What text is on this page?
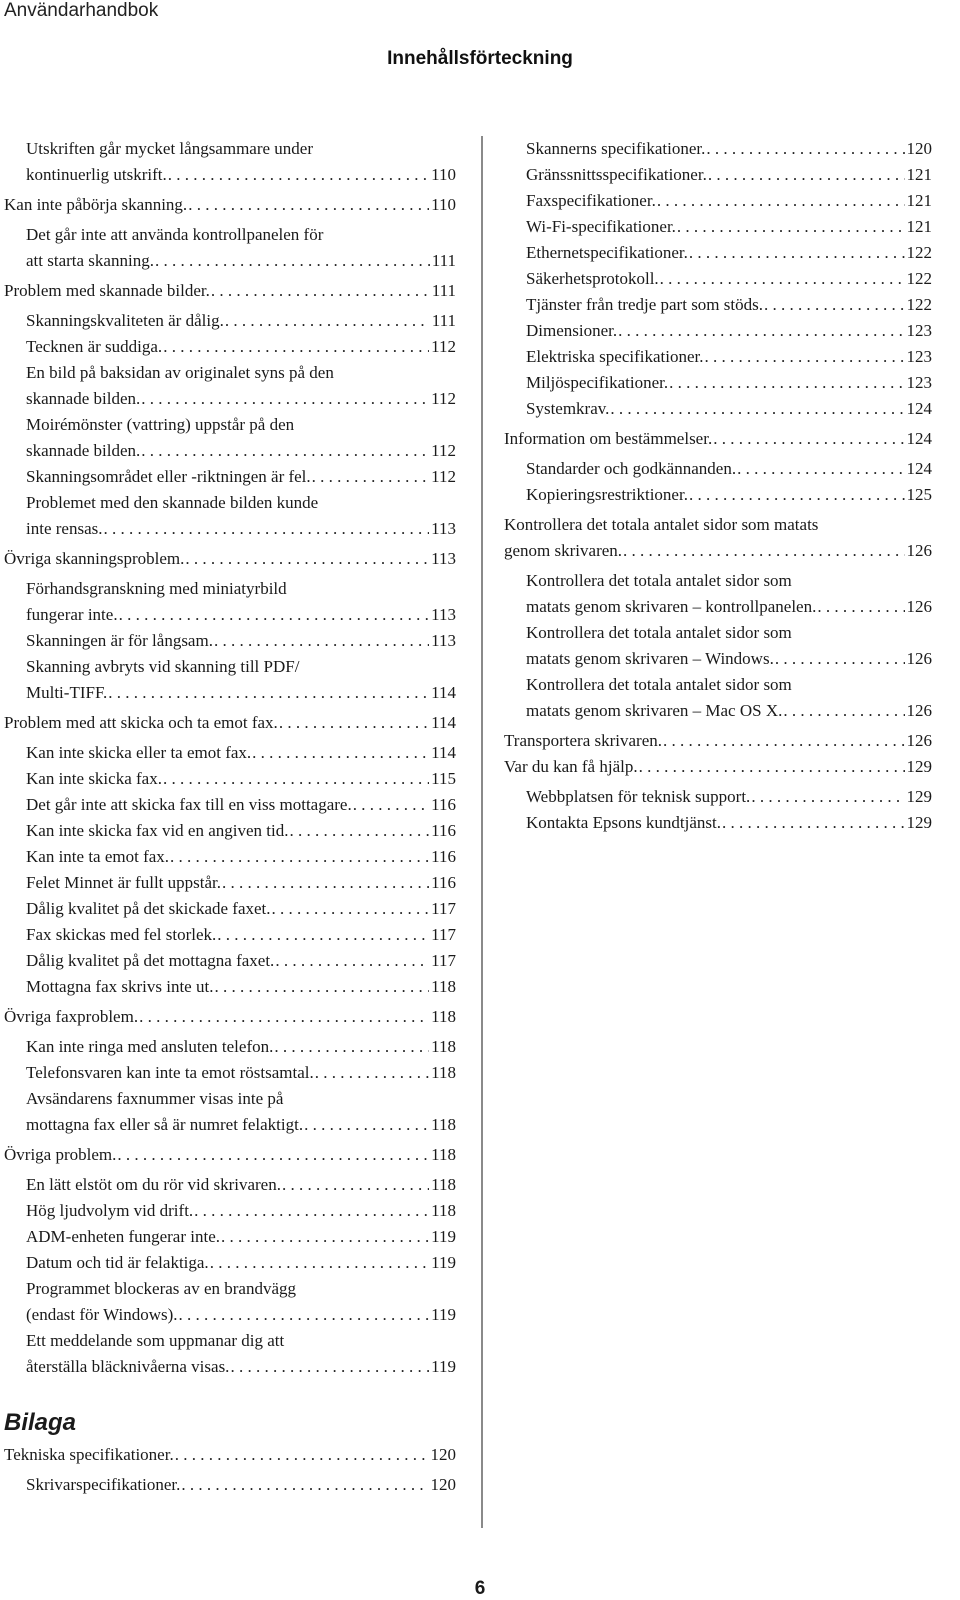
Användarhandbok
Innehållsförteckning
Utskriften går mycket långsammare under
kontinuerlig utskrift. . . .	110
Kan inte påbörja skanning. . . .	110
Det går inte att använda kontrollpanelen för
att starta skanning. . . .	111
Problem med skannade bilder. . . .	111
Skanningskvaliteten är dålig. . . .	111
Tecknen är suddiga. . . .	112
En bild på baksidan av originalet syns på den
skannade bilden. . . .	112
Moirémönster (vattring) uppstår på den
skannade bilden. . . .	112
Skanningsområdet eller -riktningen är fel. . . .	112
Problemet med den skannade bilden kunde
inte rensas. . . .	113
Övriga skanningsproblem. . . .	113
Förhandsgranskning med miniatyrbild
fungerar inte. . . .	113
Skanningen är för långsam. . . .	113
Skanning avbryts vid skanning till PDF/
Multi-TIFF. . . .	114
Problem med att skicka och ta emot fax. . . .	114
Kan inte skicka eller ta emot fax. . . .	114
Kan inte skicka fax. . . .	115
Det går inte att skicka fax till en viss mottagare. . . .	116
Kan inte skicka fax vid en angiven tid. . . .	116
Kan inte ta emot fax. . . .	116
Felet Minnet är fullt uppstår. . . .	116
Dålig kvalitet på det skickade faxet. . . .	117
Fax skickas med fel storlek. . . .	117
Dålig kvalitet på det mottagna faxet. . . .	117
Mottagna fax skrivs inte ut. . . .	118
Övriga faxproblem. . . .	118
Kan inte ringa med ansluten telefon. . . .	118
Telefonsvaren kan inte ta emot röstsamtal. . . .	118
Avsändarens faxnummer visas inte på
mottagna fax eller så är numret felaktigt. . . .	118
Övriga problem. . . .	118
En lätt elstöt om du rör vid skrivaren. . . .	118
Hög ljudvolym vid drift. . . .	118
ADM-enheten fungerar inte. . . .	119
Datum och tid är felaktiga. . . .	119
Programmet blockeras av en brandvägg
(endast för Windows). . . .	119
Ett meddelande som uppmanar dig att
återställa bläcknivåerna visas. . . .	119
Bilaga
Tekniska specifikationer. . . .	120
Skrivarspecifikationer. . . .	120
Skannerns specifikationer. . . .	120
Gränssnittsspecifikationer. . . .	121
Faxspecifikationer. . . .	121
Wi-Fi-specifikationer. . . .	121
Ethernetspecifikationer. . . .	122
Säkerhetsprotokoll. . . .	122
Tjänster från tredje part som stöds. . . .	122
Dimensioner. . . .	123
Elektriska specifikationer. . . .	123
Miljöspecifikationer. . . .	123
Systemkrav. . . .	124
Information om bestämmelser. . . .	124
Standarder och godkännanden. . . .	124
Kopieringsrestriktioner. . . .	125
Kontrollera det totala antalet sidor som matats
genom skrivaren. . . .	126
Kontrollera det totala antalet sidor som
matats genom skrivaren – kontrollpanelen. . . .	126
Kontrollera det totala antalet sidor som
matats genom skrivaren – Windows. . . .	126
Kontrollera det totala antalet sidor som
matats genom skrivaren – Mac OS X. . . .	126
Transportera skrivaren. . . .	126
Var du kan få hjälp. . . .	129
Webbplatsen för teknisk support. . . .	129
Kontakta Epsons kundtjänst. . . .	129
6
